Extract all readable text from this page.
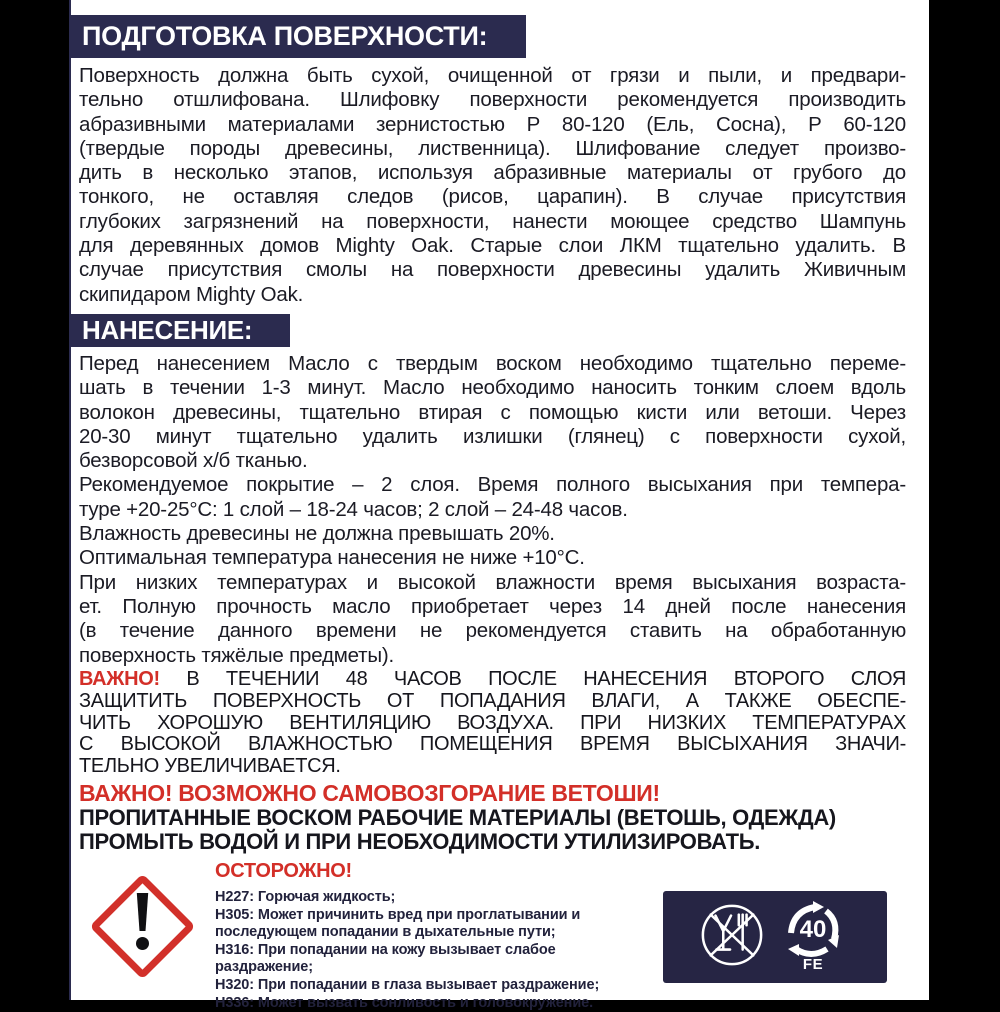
ПОДГОТОВКА ПОВЕРХНОСТИ:
Поверхность должна быть сухой, очищенной от грязи и пыли, и предвари-
тельно отшлифована. Шлифовку поверхности рекомендуется производить
абразивными материалами зернистостью Р 80-120 (Ель, Сосна), Р 60-120
(твердые породы древесины, лиственница). Шлифование следует произво-
дить в несколько этапов, используя абразивные материалы от грубого до
тонкого, не оставляя следов (рисов, царапин). В случае присутствия
глубоких загрязнений на поверхности, нанести моющее средство Шампунь
для деревянных домов Mighty Oak. Старые слои ЛКМ тщательно удалить. В
случае присутствия смолы на поверхности древесины удалить Живичным
скипидаром Mighty Oak.
НАНЕСЕНИЕ:
Перед нанесением Масло с твердым воском необходимо тщательно переме-
шать в течении 1-3 минут. Масло необходимо наносить тонким слоем вдоль
волокон древесины, тщательно втирая с помощью кисти или ветоши. Через
20-30 минут тщательно удалить излишки (глянец) с поверхности сухой,
безворсовой х/б тканью.
Рекомендуемое покрытие – 2 слоя. Время полного высыхания при темпера-
туре +20-25°С: 1 слой – 18-24 часов; 2 слой – 24-48 часов.
Влажность древесины не должна превышать 20%.
Оптимальная температура нанесения не ниже +10°С.
При низких температурах и высокой влажности время высыхания возраста-
ет. Полную прочность масло приобретает через 14 дней после нанесения
(в течение данного времени не рекомендуется ставить на обработанную
поверхность тяжёлые предметы).
ВАЖНО! В ТЕЧЕНИИ 48 ЧАСОВ ПОСЛЕ НАНЕСЕНИЯ ВТОРОГО СЛОЯ
ЗАЩИТИТЬ ПОВЕРХНОСТЬ ОТ ПОПАДАНИЯ ВЛАГИ, А ТАКЖЕ ОБЕСПЕ-
ЧИТЬ ХОРОШУЮ ВЕНТИЛЯЦИЮ ВОЗДУХА. ПРИ НИЗКИХ ТЕМПЕРАТУРАХ
С ВЫСОКОЙ ВЛАЖНОСТЬЮ ПОМЕЩЕНИЯ ВРЕМЯ ВЫСЫХАНИЯ ЗНАЧИ-
ТЕЛЬНО УВЕЛИЧИВАЕТСЯ.
ВАЖНО! ВОЗМОЖНО САМОВОЗГОРАНИЕ ВЕТОШИ!
ПРОПИТАННЫЕ ВОСКОМ РАБОЧИЕ МАТЕРИАЛЫ (ВЕТОШЬ, ОДЕЖДА)
ПРОМЫТЬ ВОДОЙ И ПРИ НЕОБХОДИМОСТИ УТИЛИЗИРОВАТЬ.
ОСТОРОЖНО!
H227: Горючая жидкость;
H305: Может причинить вред при проглатывании и
последующем попадании в дыхательные пути;
H316: При попадании на кожу вызывает слабое раздражение;
H320: При попадании в глаза вызывает раздражение;
H336: Может вызвать сонливость и головокружение.
40
FE
